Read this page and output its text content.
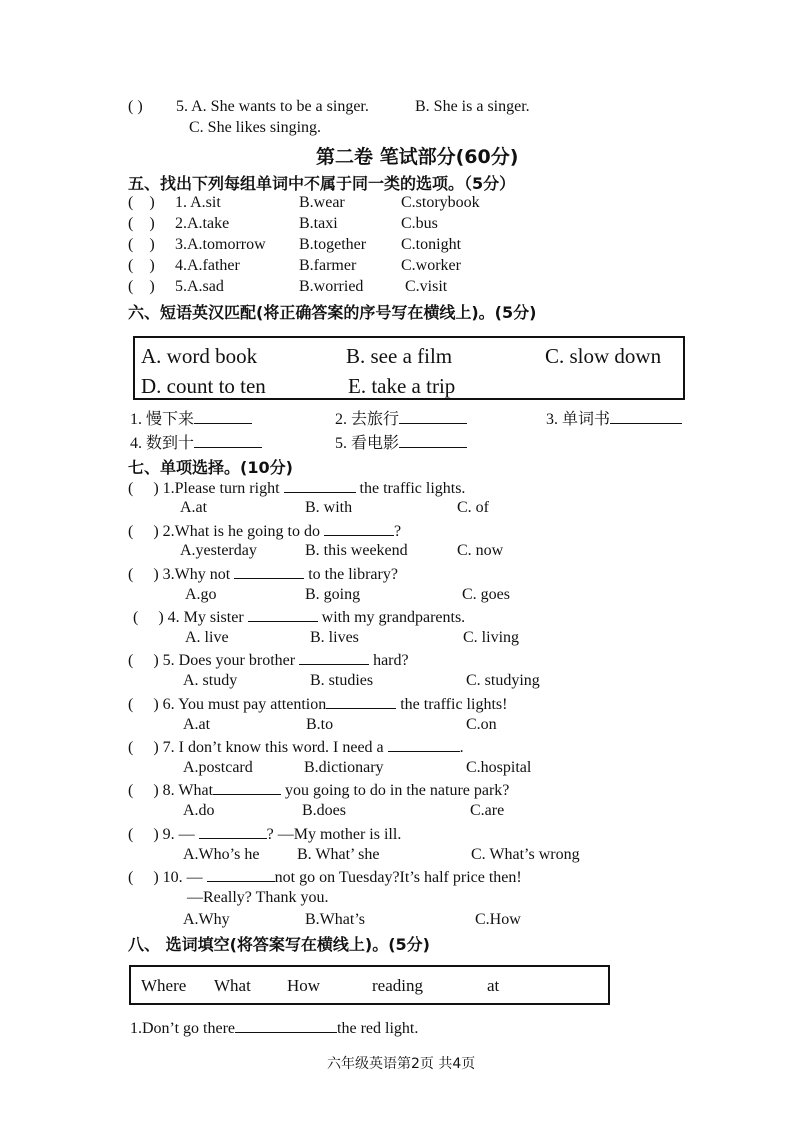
( ) 5. A. She wants to be a singer.	B. She is a singer.
C. She likes singing.
第二卷 笔试部分(60分)
五、找出下列每组单词中不属于同一类的选项。（5分）
(    ) 1. A.sit	B.wear	C.storybook
(    ) 2.A.take	B.taxi	C.bus
(    ) 3.A.tomorrow B.together C.tonight
(    ) 4.A.father	B.farmer	C.worker
(    ) 5.A.sad	B.worried	C.visit
六、短语英汉匹配(将正确答案的序号写在横线上)。(5分)
A. word book	B. see a film	C. slow down
D. count to ten	E. take a trip
1. 慢下来	2. 去旅行	3. 单词书
4. 数到十	5. 看电影
七、单项选择。(10分)
(     ) 1.Please turn right	the traffic lights.
A.at	B. with	C. of
(     ) 2.What is he going to do	?
A.yesterday	B. this weekend	C. now
(     ) 3.Why not	to the library?
A.go	B. going	C. goes
(     ) 4. My sister	with my grandparents.
A. live	B. lives	C. living
(     ) 5. Does your brother	hard?
A. study	B. studies	C. studying
(     ) 6. You must pay attention	the traffic lights!
A.at	B.to	C.on
(     ) 7. I don’t know this word. I need a	.
A.postcard	B.dictionary	C.hospital
(     ) 8. What	you going to do in the nature park?
A.do	B.does	C.are
(     ) 9. —	? —My mother is ill.
A.Who’s he B. What’ she	C. What’s wrong
(     ) 10. —	not go on Tuesday?It’s half price then!
—Really? Thank you.
A.Why	B.What’s	C.How
八、 选词填空(将答案写在横线上)。(5分)
Where What How	reading	at
1.Don’t go there	the red light.
六年级英语第2页 共4页
